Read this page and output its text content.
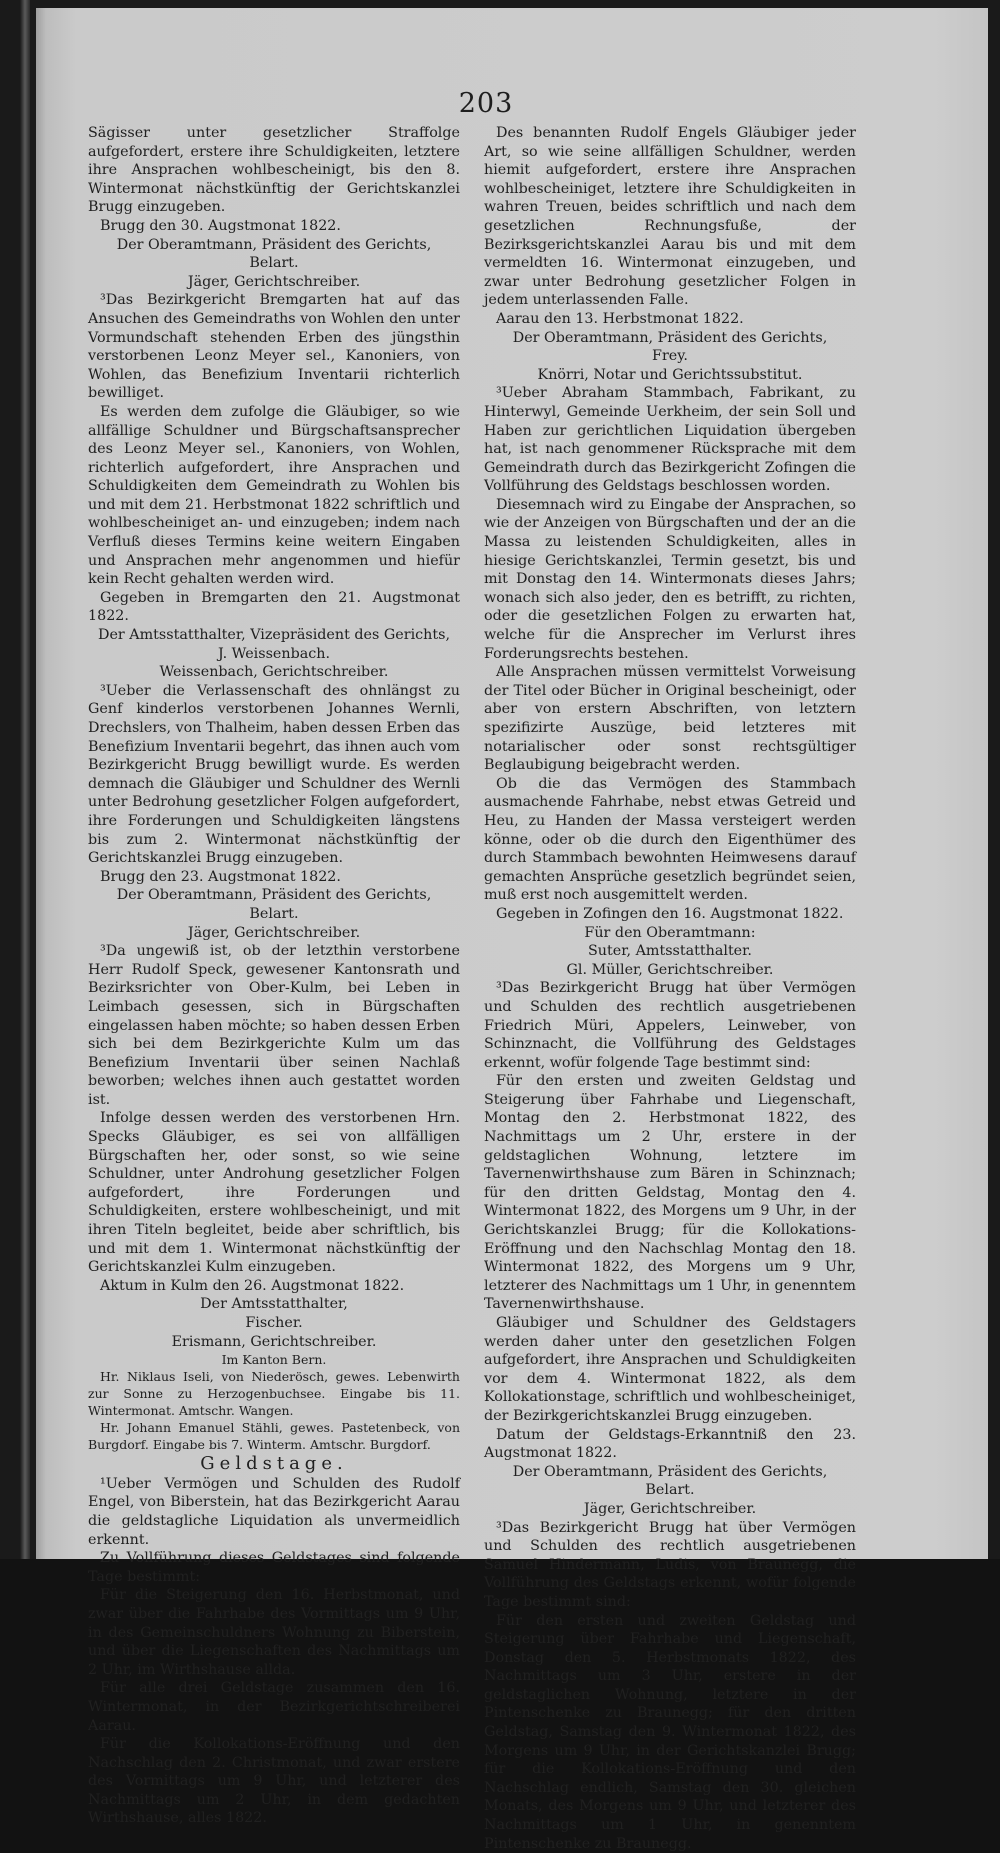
203

Sägisser unter gesetzlicher Straffolge aufgefordert, erstere ihre Schuldigkeiten, letztere ihre Ansprachen wohlbescheinigt, bis den 8. Wintermonat nächstkünftig der Gerichtskanzlei Brugg einzugeben.

Brugg den 30. Augstmonat 1822.

Der Oberamtmann, Präsident des Gerichts,

Belart.

Jäger, Gerichtschreiber.

³Das Bezirkgericht Bremgarten hat auf das Ansuchen des Gemeindraths von Wohlen den unter Vormundschaft stehenden Erben des jüngsthin verstorbenen Leonz Meyer sel., Kanoniers, von Wohlen, das Benefizium Inventarii richterlich bewilliget.

Es werden dem zufolge die Gläubiger, so wie allfällige Schuldner und Bürgschaftsansprecher des Leonz Meyer sel., Kanoniers, von Wohlen, richterlich aufgefordert, ihre Ansprachen und Schuldigkeiten dem Gemeindrath zu Wohlen bis und mit dem 21. Herbstmonat 1822 schriftlich und wohlbescheiniget an- und einzugeben; indem nach Verfluß dieses Termins keine weitern Eingaben und Ansprachen mehr angenommen und hiefür kein Recht gehalten werden wird.

Gegeben in Bremgarten den 21. Augstmonat 1822.

Der Amtsstatthalter, Vizepräsident des Gerichts,

J. Weissenbach.

Weissenbach, Gerichtschreiber.

³Ueber die Verlassenschaft des ohnlängst zu Genf kinderlos verstorbenen Johannes Wernli, Drechslers, von Thalheim, haben dessen Erben das Benefizium Inventarii begehrt, das ihnen auch vom Bezirkgericht Brugg bewilligt wurde. Es werden demnach die Gläubiger und Schuldner des Wernli unter Bedrohung gesetzlicher Folgen aufgefordert, ihre Forderungen und Schuldigkeiten längstens bis zum 2. Wintermonat nächstkünftig der Gerichtskanzlei Brugg einzugeben.

Brugg den 23. Augstmonat 1822.

Der Oberamtmann, Präsident des Gerichts,

Belart.

Jäger, Gerichtschreiber.

³Da ungewiß ist, ob der letzthin verstorbene Herr Rudolf Speck, gewesener Kantonsrath und Bezirksrichter von Ober-Kulm, bei Leben in Leimbach gesessen, sich in Bürgschaften eingelassen haben möchte; so haben dessen Erben sich bei dem Bezirkgerichte Kulm um das Benefizium Inventarii über seinen Nachlaß beworben; welches ihnen auch gestattet worden ist.

Infolge dessen werden des verstorbenen Hrn. Specks Gläubiger, es sei von allfälligen Bürgschaften her, oder sonst, so wie seine Schuldner, unter Androhung gesetzlicher Folgen aufgefordert, ihre Forderungen und Schuldigkeiten, erstere wohlbescheinigt, und mit ihren Titeln begleitet, beide aber schriftlich, bis und mit dem 1. Wintermonat nächstkünftig der Gerichtskanzlei Kulm einzugeben.

Aktum in Kulm den 26. Augstmonat 1822.

Der Amtsstatthalter,

Fischer.

Erismann, Gerichtschreiber.

Im Kanton Bern.

Hr. Niklaus Iseli, von Niederösch, gewes. Lebenwirth zur Sonne zu Herzogenbuchsee. Eingabe bis 11. Wintermonat. Amtschr. Wangen.

Hr. Johann Emanuel Stähli, gewes. Pastetenbeck, von Burgdorf. Eingabe bis 7. Winterm. Amtschr. Burgdorf.

Geldstage.

¹Ueber Vermögen und Schulden des Rudolf Engel, von Biberstein, hat das Bezirkgericht Aarau die geldstagliche Liquidation als unvermeidlich erkennt.

Zu Vollführung dieses Geldstages sind folgende Tage bestimmt:

Für die Steigerung den 16. Herbstmonat, und zwar über die Fahrhabe des Vormittags um 9 Uhr, in des Gemeinschuldners Wohnung zu Biberstein, und über die Liegenschaften des Nachmittags um 2 Uhr, im Wirthshause allda.

Für alle drei Geldstage zusammen den 16. Wintermonat, in der Bezirkgerichtschreiberei Aarau.

Für die Kollokations-Eröffnung und den Nachschlag den 2. Christmonat, und zwar erstere des Vormittags um 9 Uhr, und letzterer des Nachmittags um 2 Uhr, in dem gedachten Wirthshause, alles 1822.

Des benannten Rudolf Engels Gläubiger jeder Art, so wie seine allfälligen Schuldner, werden hiemit aufgefordert, erstere ihre Ansprachen wohlbescheiniget, letztere ihre Schuldigkeiten in wahren Treuen, beides schriftlich und nach dem gesetzlichen Rechnungsfuße, der Bezirksgerichtskanzlei Aarau bis und mit dem vermeldten 16. Wintermonat einzugeben, und zwar unter Bedrohung gesetzlicher Folgen in jedem unterlassenden Falle.

Aarau den 13. Herbstmonat 1822.

Der Oberamtmann, Präsident des Gerichts,

Frey.

Knörri, Notar und Gerichtssubstitut.

³Ueber Abraham Stammbach, Fabrikant, zu Hinterwyl, Gemeinde Uerkheim, der sein Soll und Haben zur gerichtlichen Liquidation übergeben hat, ist nach genommener Rücksprache mit dem Gemeindrath durch das Bezirkgericht Zofingen die Vollführung des Geldstags beschlossen worden.

Diesemnach wird zu Eingabe der Ansprachen, so wie der Anzeigen von Bürgschaften und der an die Massa zu leistenden Schuldigkeiten, alles in hiesige Gerichtskanzlei, Termin gesetzt, bis und mit Donstag den 14. Wintermonats dieses Jahrs; wonach sich also jeder, den es betrifft, zu richten, oder die gesetzlichen Folgen zu erwarten hat, welche für die Ansprecher im Verlurst ihres Forderungsrechts bestehen.

Alle Ansprachen müssen vermittelst Vorweisung der Titel oder Bücher in Original bescheinigt, oder aber von erstern Abschriften, von letztern spezifizirte Auszüge, beid letzteres mit notarialischer oder sonst rechtsgültiger Beglaubigung beigebracht werden.

Ob die das Vermögen des Stammbach ausmachende Fahrhabe, nebst etwas Getreid und Heu, zu Handen der Massa versteigert werden könne, oder ob die durch den Eigenthümer des durch Stammbach bewohnten Heimwesens darauf gemachten Ansprüche gesetzlich begründet seien, muß erst noch ausgemittelt werden.

Gegeben in Zofingen den 16. Augstmonat 1822.

Für den Oberamtmann:

Suter, Amtsstatthalter.

Gl. Müller, Gerichtschreiber.

³Das Bezirkgericht Brugg hat über Vermögen und Schulden des rechtlich ausgetriebenen Friedrich Müri, Appelers, Leinweber, von Schinznacht, die Vollführung des Geldstages erkennt, wofür folgende Tage bestimmt sind:

Für den ersten und zweiten Geldstag und Steigerung über Fahrhabe und Liegenschaft, Montag den 2. Herbstmonat 1822, des Nachmittags um 2 Uhr, erstere in der geldstaglichen Wohnung, letztere im Tavernenwirthshause zum Bären in Schinznach; für den dritten Geldstag, Montag den 4. Wintermonat 1822, des Morgens um 9 Uhr, in der Gerichtskanzlei Brugg; für die Kollokations-Eröffnung und den Nachschlag Montag den 18. Wintermonat 1822, des Morgens um 9 Uhr, letzterer des Nachmittags um 1 Uhr, in genenntem Tavernenwirthshause.

Gläubiger und Schuldner des Geldstagers werden daher unter den gesetzlichen Folgen aufgefordert, ihre Ansprachen und Schuldigkeiten vor dem 4. Wintermonat 1822, als dem Kollokationstage, schriftlich und wohlbescheiniget, der Bezirkgerichtskanzlei Brugg einzugeben.

Datum der Geldstags-Erkanntniß den 23. Augstmonat 1822.

Der Oberamtmann, Präsident des Gerichts,

Belart.

Jäger, Gerichtschreiber.

³Das Bezirkgericht Brugg hat über Vermögen und Schulden des rechtlich ausgetriebenen Samuel Hindermann, Ludis, von Braunegg, die Vollführung des Geldstags erkennt, wofür folgende Tage bestimmt sind:

Für den ersten und zweiten Geldstag und Steigerung über Fahrhabe und Liegenschaft, Donstag den 5. Herbstmonats 1822, des Nachmittags um 3 Uhr, erstere in der geldstaglichen Wohnung, letztere in der Pintenschenke zu Braunegg; für den dritten Geldstag, Samstag den 9. Wintermonat 1822, des Morgens um 9 Uhr, in der Gerichtskanzlei Brugg; für die Kollokations-Eröffnung und den Nachschlag endlich, Samstag den 30. gleichen Monats, des Morgens um 9 Uhr, und letzterer des Nachmittags um 1 Uhr, in genenntem Pintenschenke zu Braunegg.
